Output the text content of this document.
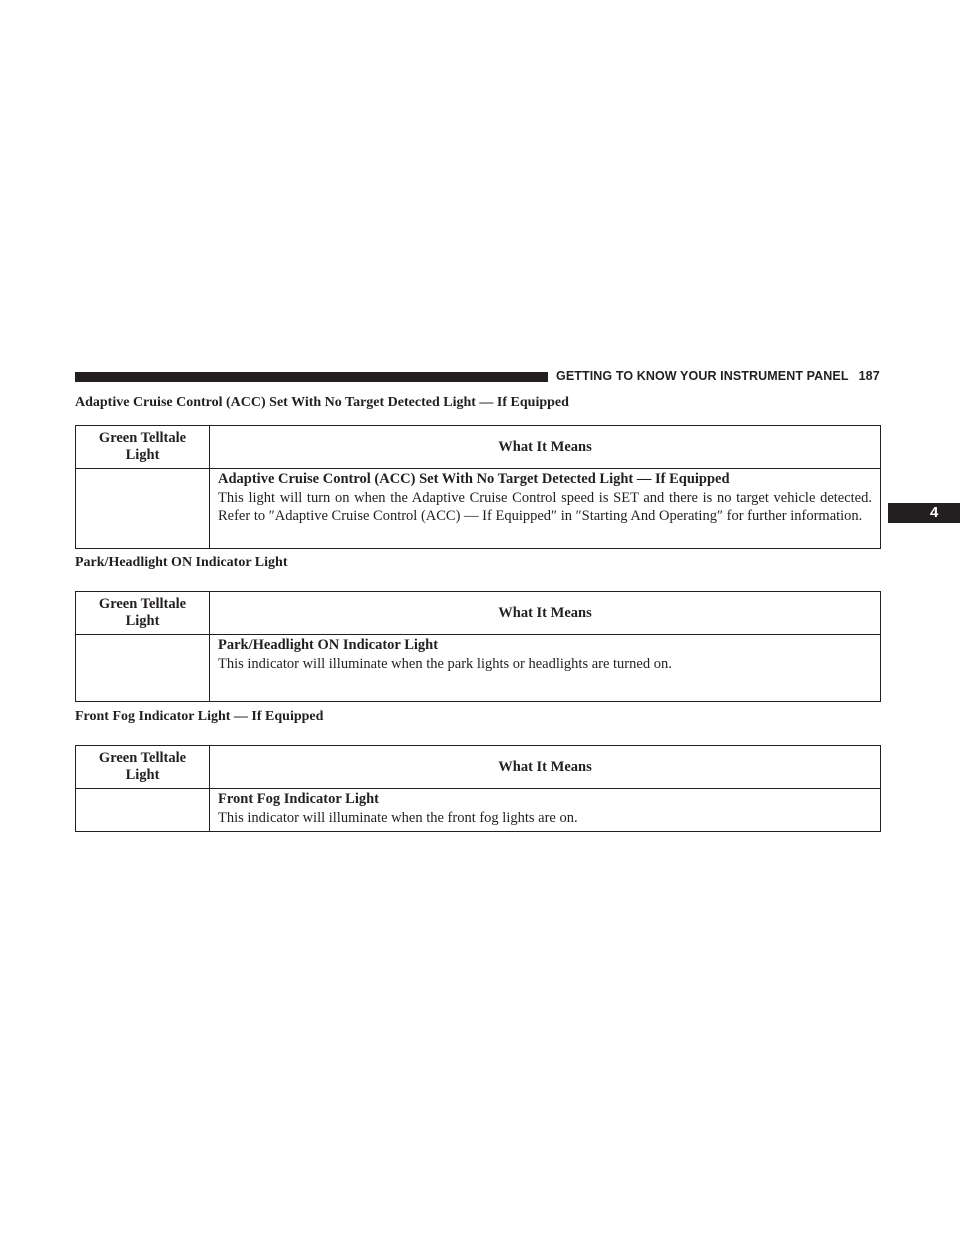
GETTING TO KNOW YOUR INSTRUMENT PANEL 187
4
Adaptive Cruise Control (ACC) Set With No Target Detected Light — If Equipped
Green Telltale
Light	What It Means

	Adaptive Cruise Control (ACC) Set With No Target Detected Light — If Equipped
This light will turn on when the Adaptive Cruise Control speed is SET and there is no target vehicle detected. Refer to ″Adaptive Cruise Control (ACC) — If Equipped″ in ″Starting And Operating″ for further information.
Park/Headlight ON Indicator Light
Green Telltale
Light	What It Means

	Park/Headlight ON Indicator Light
This indicator will illuminate when the park lights or headlights are turned on.
Front Fog Indicator Light — If Equipped
Green Telltale
Light	What It Means

	Front Fog Indicator Light
This indicator will illuminate when the front fog lights are on.
